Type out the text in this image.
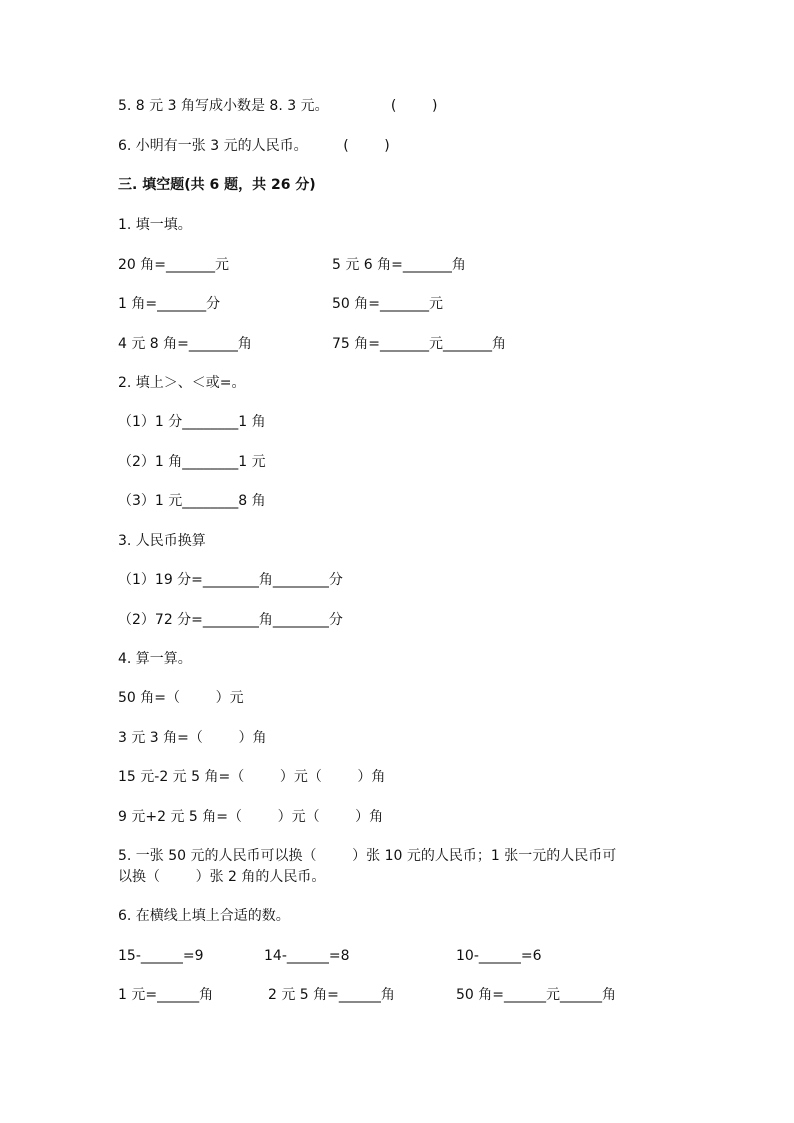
5. 8 元 3 角写成小数是 8. 3 元。              (        )
6. 小明有一张 3 元的人民币。        (        )
三. 填空题(共 6 题，共 26 分)
1. 填一填。
20 角=_______元	5 元 6 角=_______角
1 角=_______分	50 角=_______元
4 元 8 角=_______角	75 角=_______元_______角
2. 填上＞、＜或=。
（1）1 分________1 角
（2）1 角________1 元
（3）1 元________8 角
3. 人民币换算
（1）19 分=________角________分
（2）72 分=________角________分
4. 算一算。
50 角=（        ）元
3 元 3 角=（        ）角
15 元-2 元 5 角=（        ）元（        ）角
9 元+2 元 5 角=（        ）元（        ）角
5. 一张 50 元的人民币可以换（        ）张 10 元的人民币；1 张一元的人民币可
以换（        ）张 2 角的人民币。
6. 在横线上填上合适的数。
15-______=9	14-______=8	10-______=6
1 元=______角	2 元 5 角=______角	50 角=______元______角
